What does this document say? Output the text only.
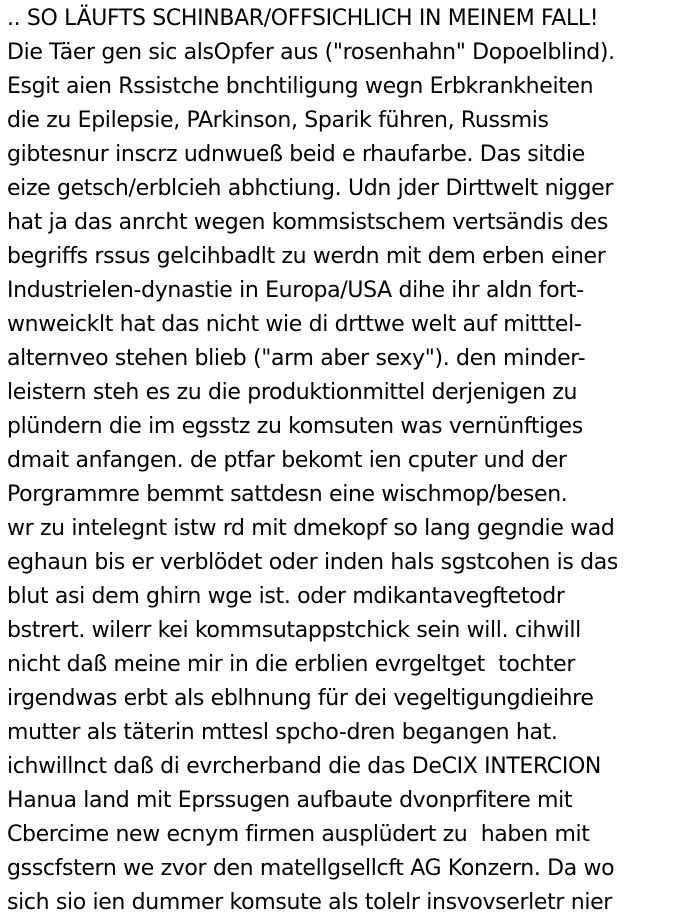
.. SO LÄUFTS SCHINBAR/OFFSICHLICH IN MEINEM FALL!
Die Täer gen sic alsOpfer aus ("rosenhahn" Dopoelblind).
Esgit aien Rssistche bnchtiligung wegn Erbkrankheiten
die zu Epilepsie, PArkinson, Sparik führen, Russmis
gibtesnur inscrz udnwueß beid e rhaufarbe. Das sitdie
eize getsch/erblcieh abhctiung. Udn jder Dirttwelt nigger
hat ja das anrcht wegen kommsistschem vertsändis des
begriffs rssus gelcihbadlt zu werdn mit dem erben einer
Industrielen-dynastie in Europa/USA dihe ihr aldn fort-
wnweicklt hat das nicht wie di drttwe welt auf mitttel-
alternveo stehen blieb ("arm aber sexy"). den minder-
leistern steh es zu die produktionmittel derjenigen zu
plündern die im egsstz zu komsuten was vernünftiges
dmait anfangen. de ptfar bekomt ien cputer und der
Porgrammre bemmt sattdesn eine wischmop/besen.
wr zu intelegnt istw rd mit dmekopf so lang gegndie wad
eghaun bis er verblödet oder inden hals sgstcohen is das
blut asi dem ghirn wge ist. oder mdikantavegftetodr
bstrert. wilerr kei kommsutappstchick sein will. cihwill
nicht daß meine mir in die erblien evrgeltget  tochter
irgendwas erbt als eblhnung für dei vegeltigungdieihre
mutter als täterin mttesl spcho-dren begangen hat.
ichwillnct daß di evrcherband die das DeCIX INTERCION
Hanua land mit Eprssugen aufbaute dvonprfitere mit
Cbercime new ecnym firmen ausplüdert zu  haben mit
gsscfstern we zvor den matellgsellcft AG Konzern. Da wo
sich sio ien dummer komsute als tolelr insvovserletr nier
